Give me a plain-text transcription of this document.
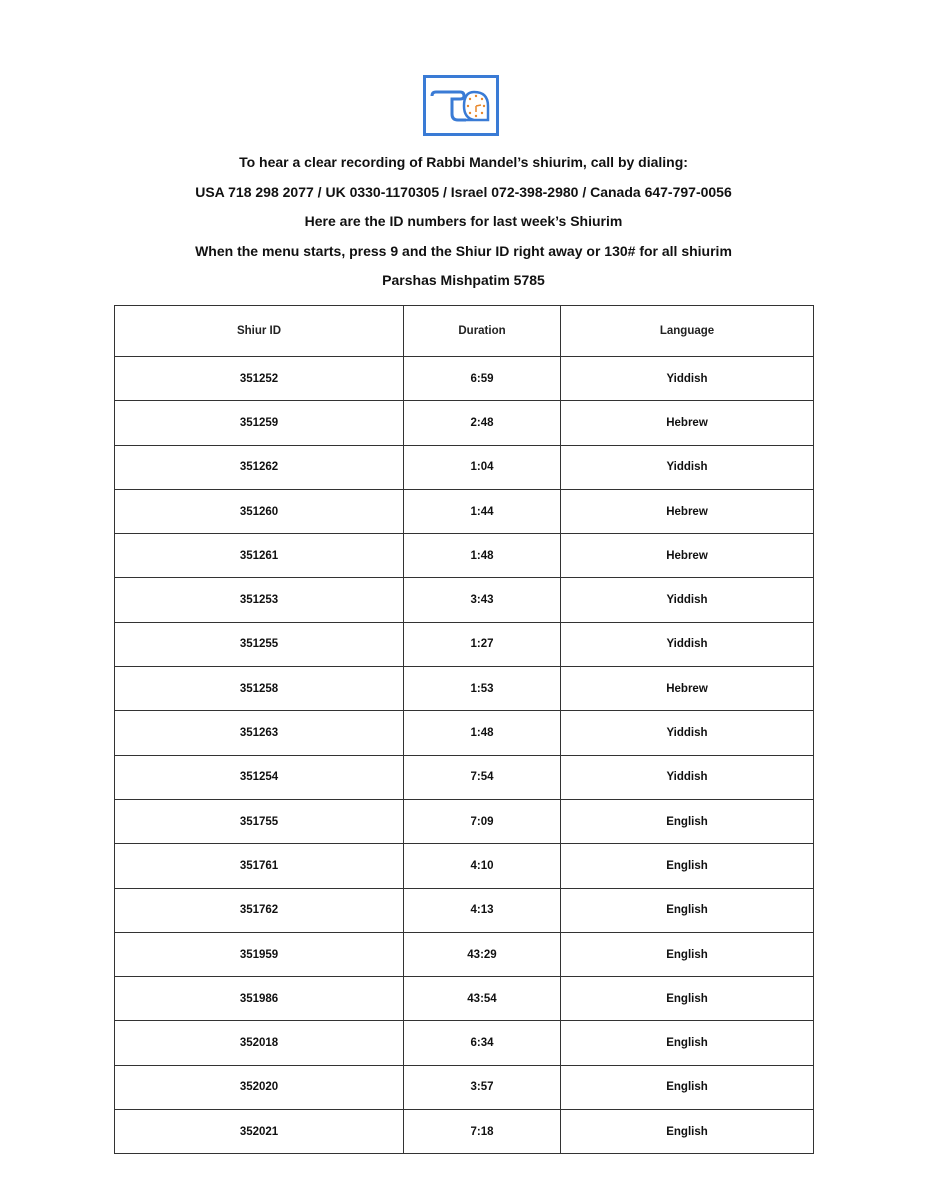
To hear a clear recording of Rabbi Mandel’s shiurim, call by dialing:
USA 718 298 2077 / UK 0330-1170305 / Israel 072-398-2980 / Canada 647-797-0056
Here are the ID numbers for last week’s Shiurim
When the menu starts, press 9 and the Shiur ID right away or 130# for all shiurim
Parshas Mishpatim 5785
Shiur ID	Duration	Language
351252	6:59	Yiddish
351259	2:48	Hebrew
351262	1:04	Yiddish
351260	1:44	Hebrew
351261	1:48	Hebrew
351253	3:43	Yiddish
351255	1:27	Yiddish
351258	1:53	Hebrew
351263	1:48	Yiddish
351254	7:54	Yiddish
351755	7:09	English
351761	4:10	English
351762	4:13	English
351959	43:29	English
351986	43:54	English
352018	6:34	English
352020	3:57	English
352021	7:18	English
